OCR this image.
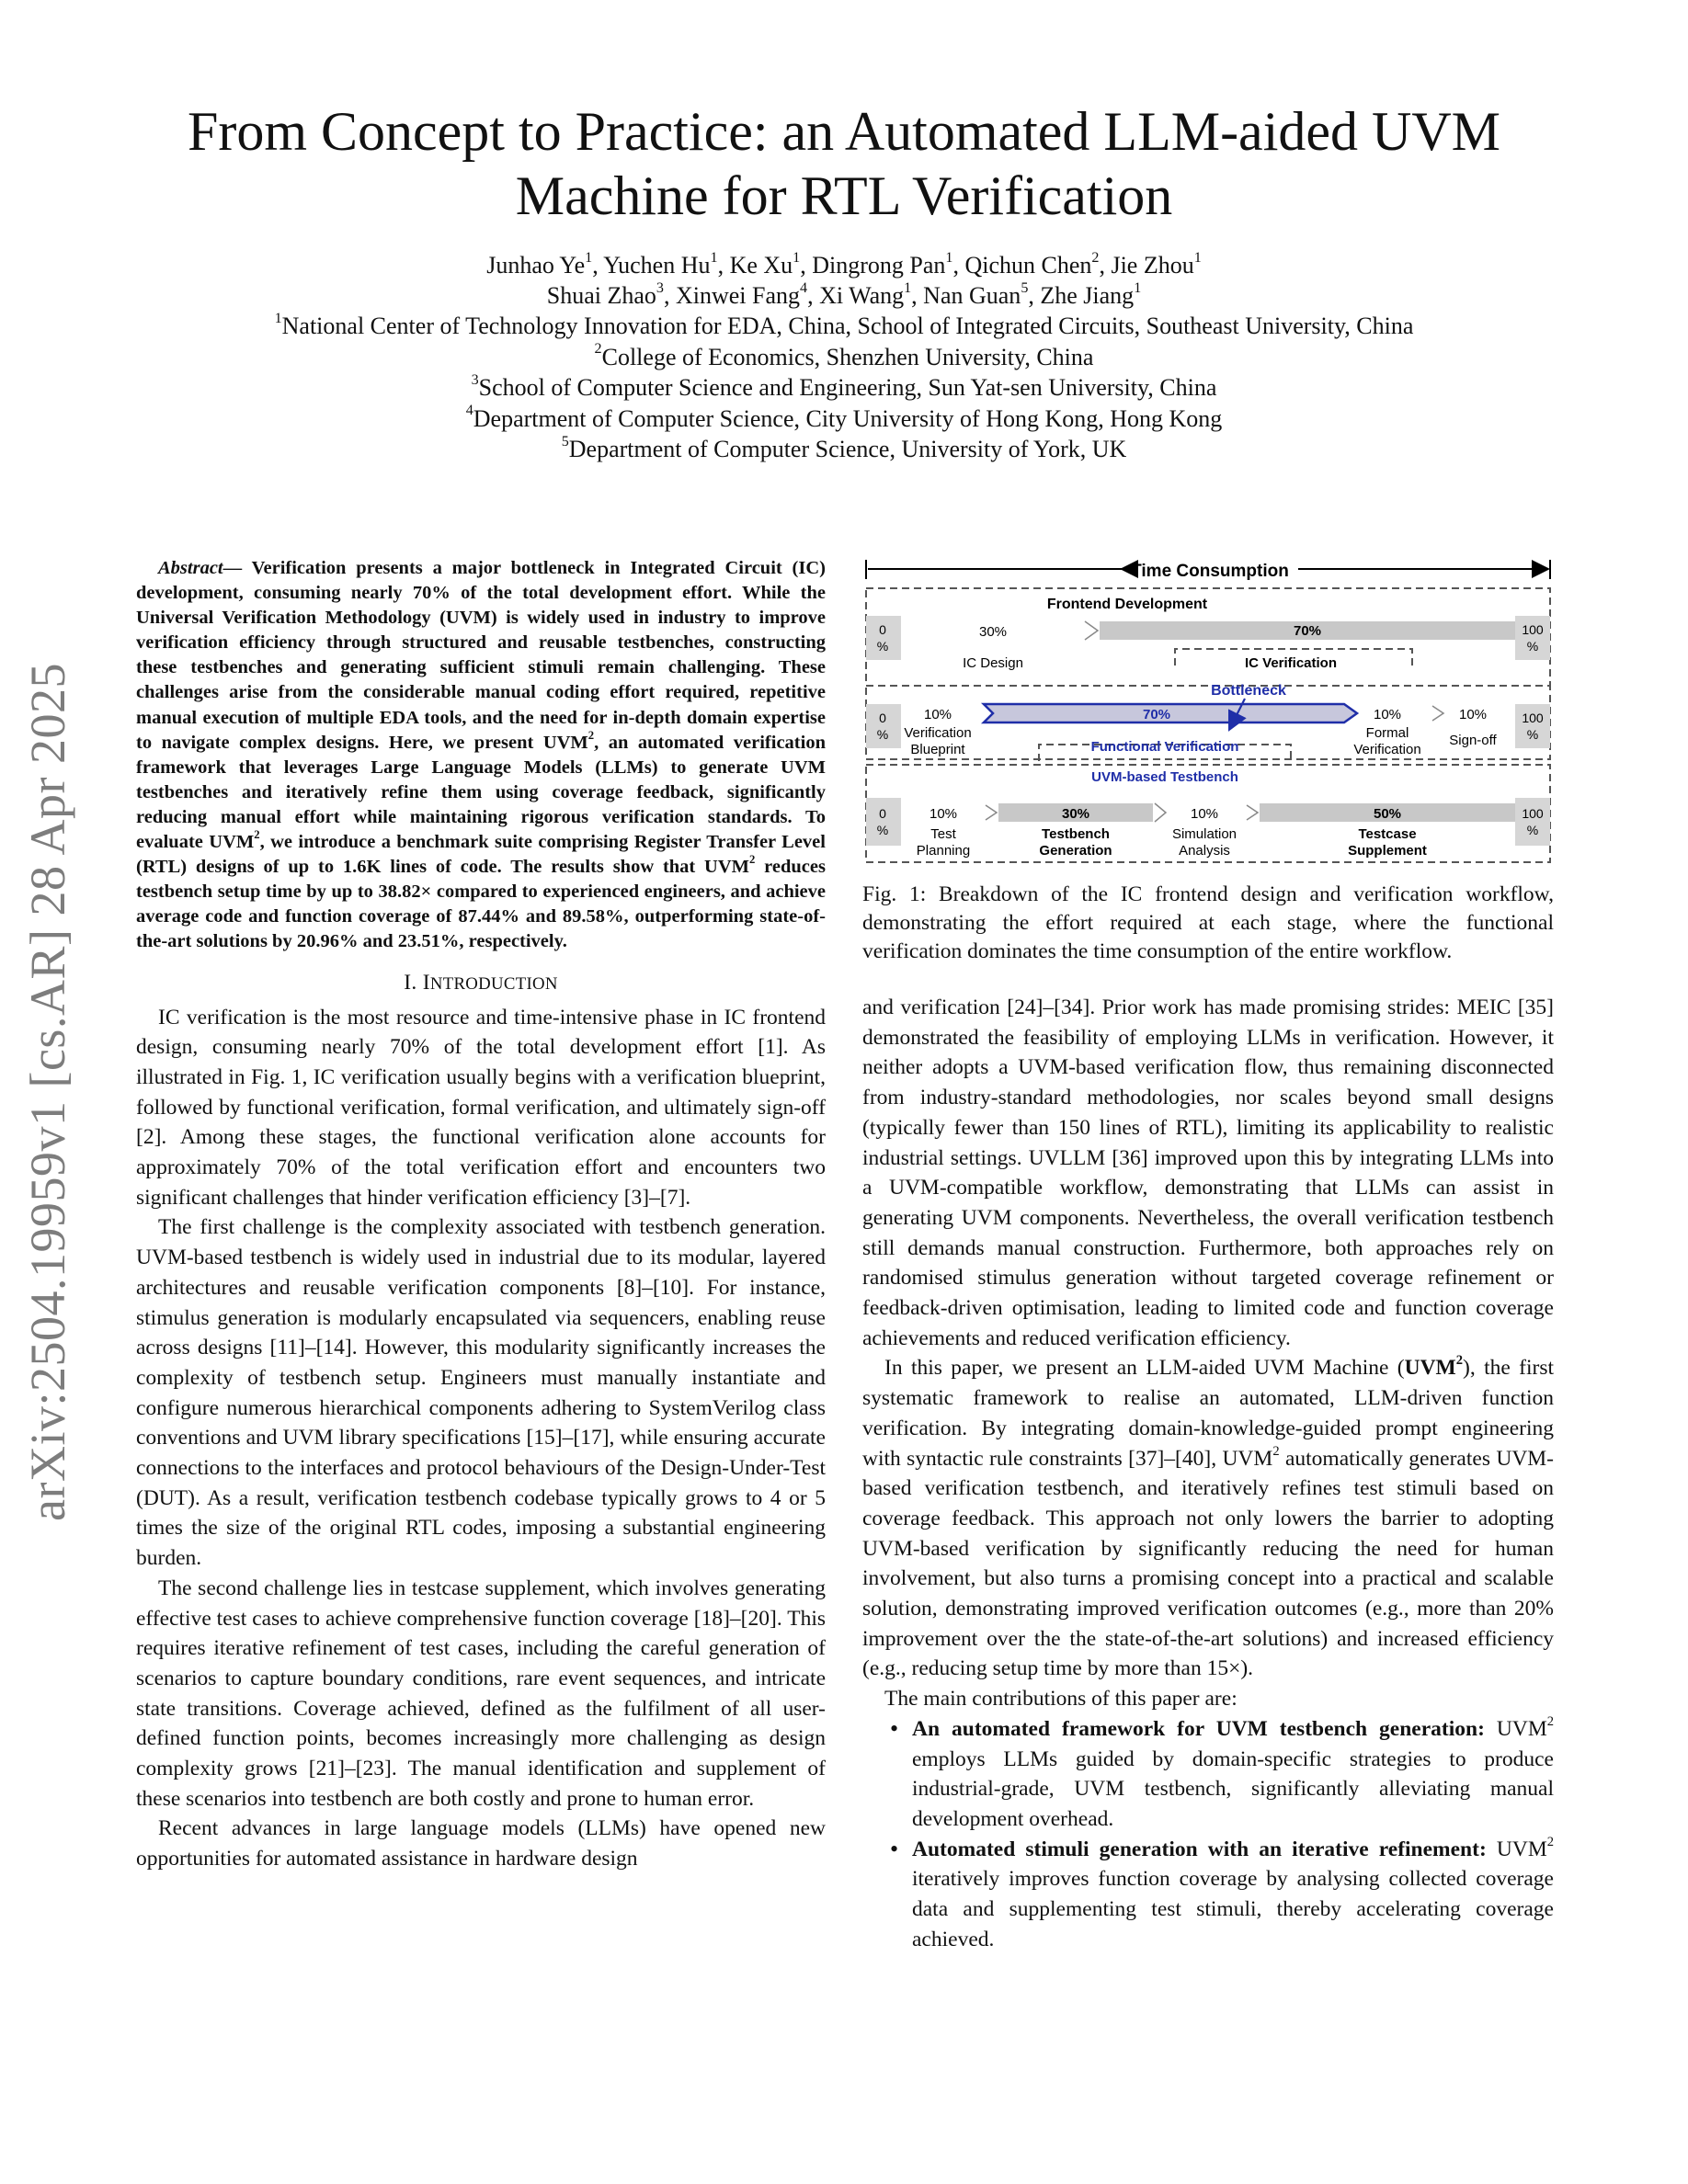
arXiv:2504.19959v1 [cs.AR] 28 Apr 2025
From Concept to Practice: an Automated LLM-aided UVM
Machine for RTL Verification
Junhao Ye$^1$, Yuchen Hu$^1$, Ke Xu$^1$, Dingrong Pan$^1$, Qichun Chen$^2$, Jie Zhou$^1$
Shuai Zhao$^3$, Xinwei Fang$^4$, Xi Wang$^1$, Nan Guan$^5$, Zhe Jiang$^1$
$^1$National Center of Technology Innovation for EDA, China, School of Integrated Circuits, Southeast University, China
$^2$College of Economics, Shenzhen University, China
$^3$School of Computer Science and Engineering, Sun Yat-sen University, China
$^4$Department of Computer Science, City University of Hong Kong, Hong Kong
$^5$Department of Computer Science, University of York, UK

Abstract— Verification presents a major bottleneck in Integrated Circuit (IC) development, consuming nearly 70% of the total development effort. While the Universal Verification Methodology (UVM) is widely used in industry to improve verification efficiency through structured and reusable testbenches, constructing these testbenches and generating sufficient stimuli remain challenging. These challenges arise from the considerable manual coding effort required, repetitive manual execution of multiple EDA tools, and the need for in-depth domain expertise to navigate complex designs. Here, we present UVM$^2$, an automated verification framework that leverages Large Language Models (LLMs) to generate UVM testbenches and iteratively refine them using coverage feedback, significantly reducing manual effort while maintaining rigorous verification standards. To evaluate UVM$^2$, we introduce a benchmark suite comprising Register Transfer Level (RTL) designs of up to 1.6K lines of code. The results show that UVM$^2$ reduces testbench setup time by up to 38.82× compared to experienced engineers, and achieve average code and function coverage of 87.44% and 89.58%, outperforming state-of-the-art solutions by 20.96% and 23.51%, respectively.

I. INTRODUCTION

IC verification is the most resource and time-intensive phase in IC frontend design, consuming nearly 70% of the total development effort [1]. As illustrated in Fig. 1, IC verification usually begins with a verification blueprint, followed by functional verification, formal verification, and ultimately sign-off [2]. Among these stages, the functional verification alone accounts for approximately 70% of the total verification effort and encounters two significant challenges that hinder verification efficiency [3]–[7].

The first challenge is the complexity associated with testbench generation. UVM-based testbench is widely used in industrial due to its modular, layered architectures and reusable verification components [8]–[10]. For instance, stimulus generation is modularly encapsulated via sequencers, enabling reuse across designs [11]–[14]. However, this modularity significantly increases the complexity of testbench setup. Engineers must manually instantiate and configure numerous hierarchical components adhering to SystemVerilog class conventions and UVM library specifications [15]–[17], while ensuring accurate connections to the interfaces and protocol behaviours of the Design-Under-Test (DUT). As a result, verification testbench codebase typically grows to 4 or 5 times the size of the original RTL codes, imposing a substantial engineering burden.

The second challenge lies in testcase supplement, which involves generating effective test cases to achieve comprehensive function coverage [18]–[20]. This requires iterative refinement of test cases, including the careful generation of scenarios to capture boundary conditions, rare event sequences, and intricate state transitions. Coverage achieved, defined as the fulfilment of all user-defined function points, becomes increasingly more challenging as design complexity grows [21]–[23]. The manual identification and supplement of these scenarios into testbench are both costly and prone to human error.

Recent advances in large language models (LLMs) have opened new opportunities for automated assistance in hardware design

Time Consumption
Frontend Development
0
%
100
%
30%	70%
IC Design	IC Verification
0
%
100
%
Bottleneck
10%	70%	10%	10%
Verification
Blueprint	Functional Verification
Formal
Verification
Sign-off
UVM-based Testbench
0
%
100
%
10%	30%	10%	50%
Test
Planning
Testbench
Generation
Simulation
Analysis
Testcase
Supplement

Fig. 1: Breakdown of the IC frontend design and verification workflow, demonstrating the effort required at each stage, where the functional verification dominates the time consumption of the entire workflow.

and verification [24]–[34]. Prior work has made promising strides: MEIC [35] demonstrated the feasibility of employing LLMs in verification. However, it neither adopts a UVM-based verification flow, thus remaining disconnected from industry-standard methodologies, nor scales beyond small designs (typically fewer than 150 lines of RTL), limiting its applicability to realistic industrial settings. UVLLM [36] improved upon this by integrating LLMs into a UVM-compatible workflow, demonstrating that LLMs can assist in generating UVM components. Nevertheless, the overall verification testbench still demands manual construction. Furthermore, both approaches rely on randomised stimulus generation without targeted coverage refinement or feedback-driven optimisation, leading to limited code and function coverage achievements and reduced verification efficiency.

In this paper, we present an LLM-aided UVM Machine (UVM$^2$), the first systematic framework to realise an automated, LLM-driven function verification. By integrating domain-knowledge-guided prompt engineering with syntactic rule constraints [37]–[40], UVM$^2$ automatically generates UVM-based verification testbench, and iteratively refines test stimuli based on coverage feedback. This approach not only lowers the barrier to adopting UVM-based verification by significantly reducing the need for human involvement, but also turns a promising concept into a practical and scalable solution, demonstrating improved verification outcomes (e.g., more than 20% improvement over the the state-of-the-art solutions) and increased efficiency (e.g., reducing setup time by more than 15×).

The main contributions of this paper are:

• An automated framework for UVM testbench generation: UVM$^2$ employs LLMs guided by domain-specific strategies to produce industrial-grade, UVM testbench, significantly alleviating manual development overhead.
• Automated stimuli generation with an iterative refinement: UVM$^2$ iteratively improves function coverage by analysing collected coverage data and supplementing test stimuli, thereby accelerating coverage achieved.
